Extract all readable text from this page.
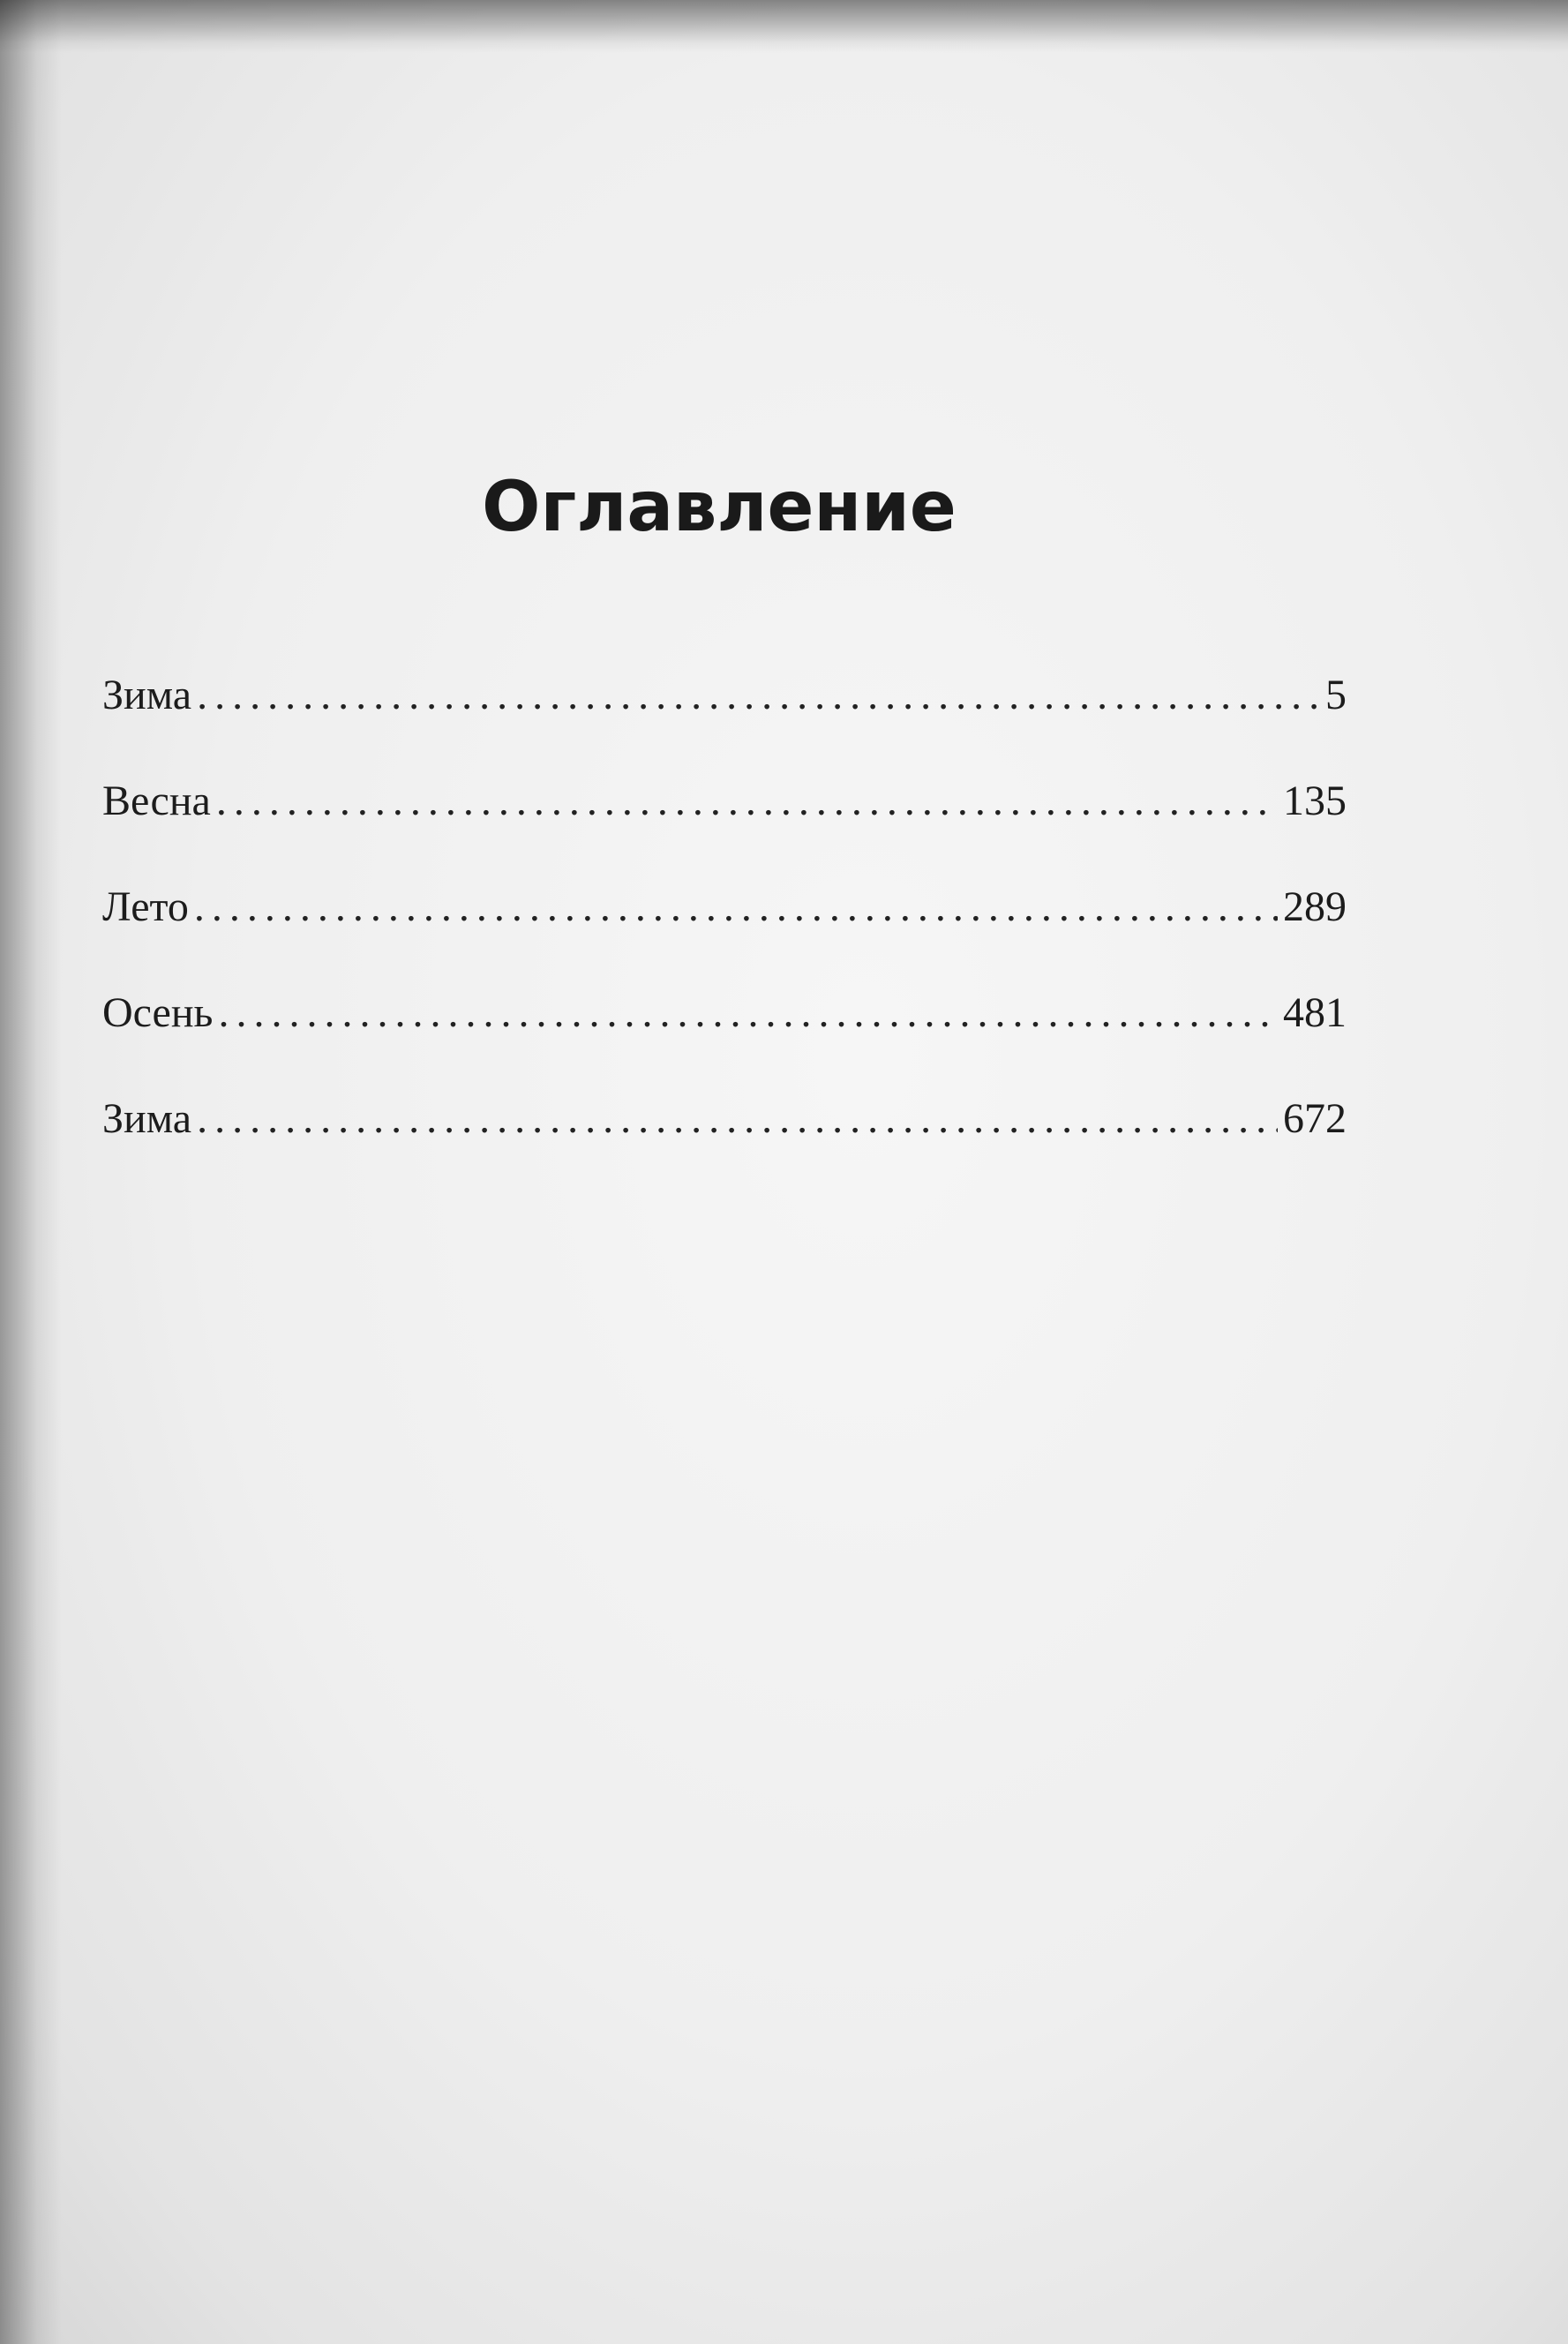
Оглавление
Зима .....	5
Весна .....	135
Лето .....	289
Осень .....	481
Зима .....	672
